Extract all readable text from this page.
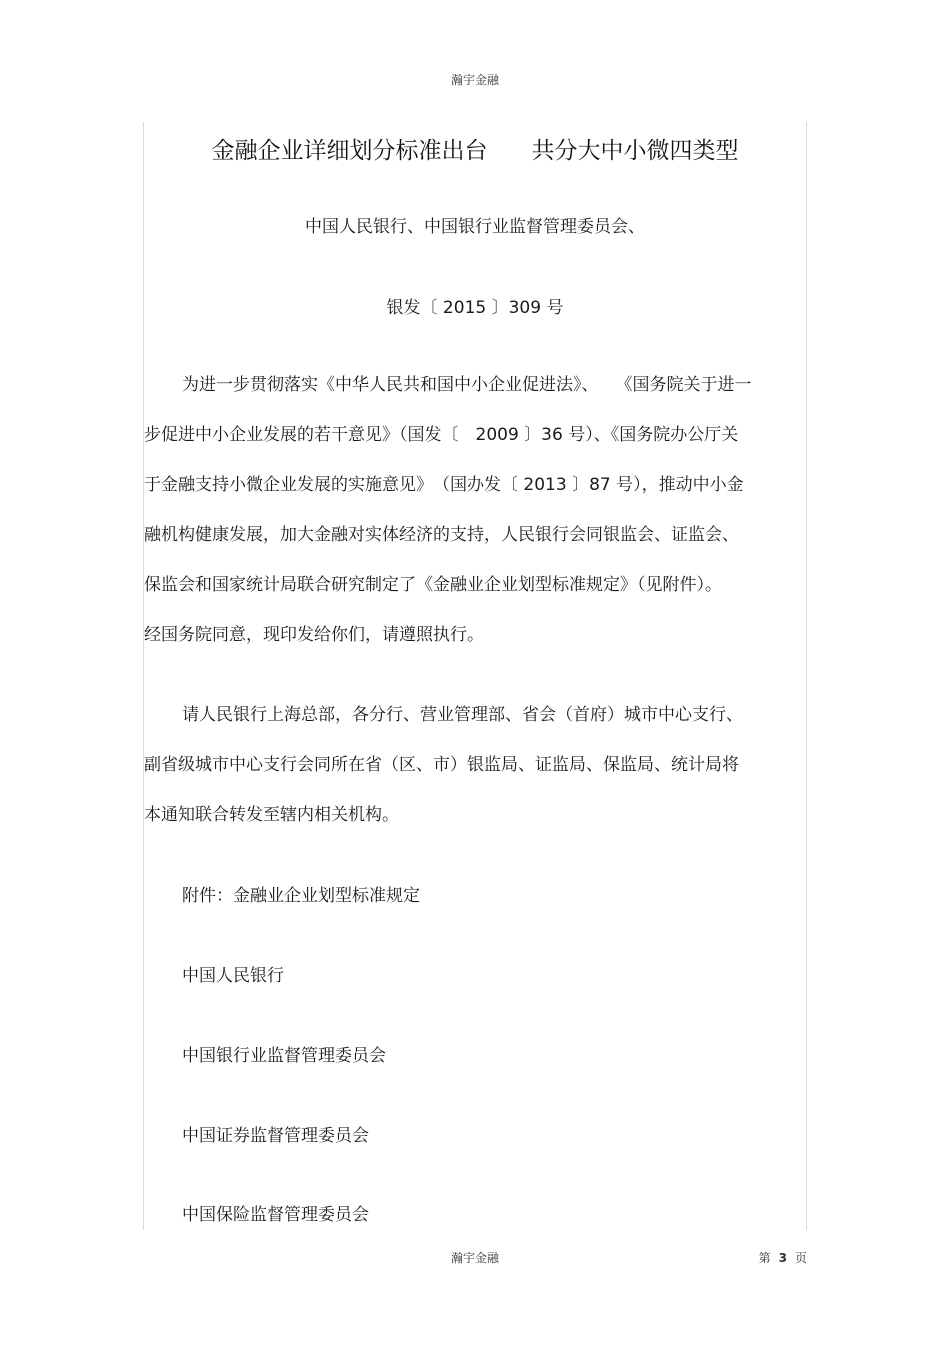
瀚宇金融
金融企业详细划分标准出台 共分大中小微四类型
中国人民银行、中国银行业监督管理委员会、
银发〔 2015 〕309 号
为进一步贯彻落实《中华人民共和国中小企业促进法》、　　《国务院关于进一
步促进中小企业发展的若干意见》（国发〔　2009 〕36 号）、《国务院办公厅关
于金融支持小微企业发展的实施意见》　（国办发〔 2013 〕87 号），推动中小金
融机构健康发展，加大金融对实体经济的支持，人民银行会同银监会、证监会、
保监会和国家统计局联合研究制定了《金融业企业划型标准规定》（见附件）。
经国务院同意，现印发给你们，请遵照执行。
请人民银行上海总部，各分行、营业管理部、省会（首府）城市中心支行、
副省级城市中心支行会同所在省（区、市）银监局、证监局、保监局、统计局将
本通知联合转发至辖内相关机构。
附件：金融业企业划型标准规定
中国人民银行
中国银行业监督管理委员会
中国证券监督管理委员会
中国保险监督管理委员会
瀚宇金融	第 3 页
